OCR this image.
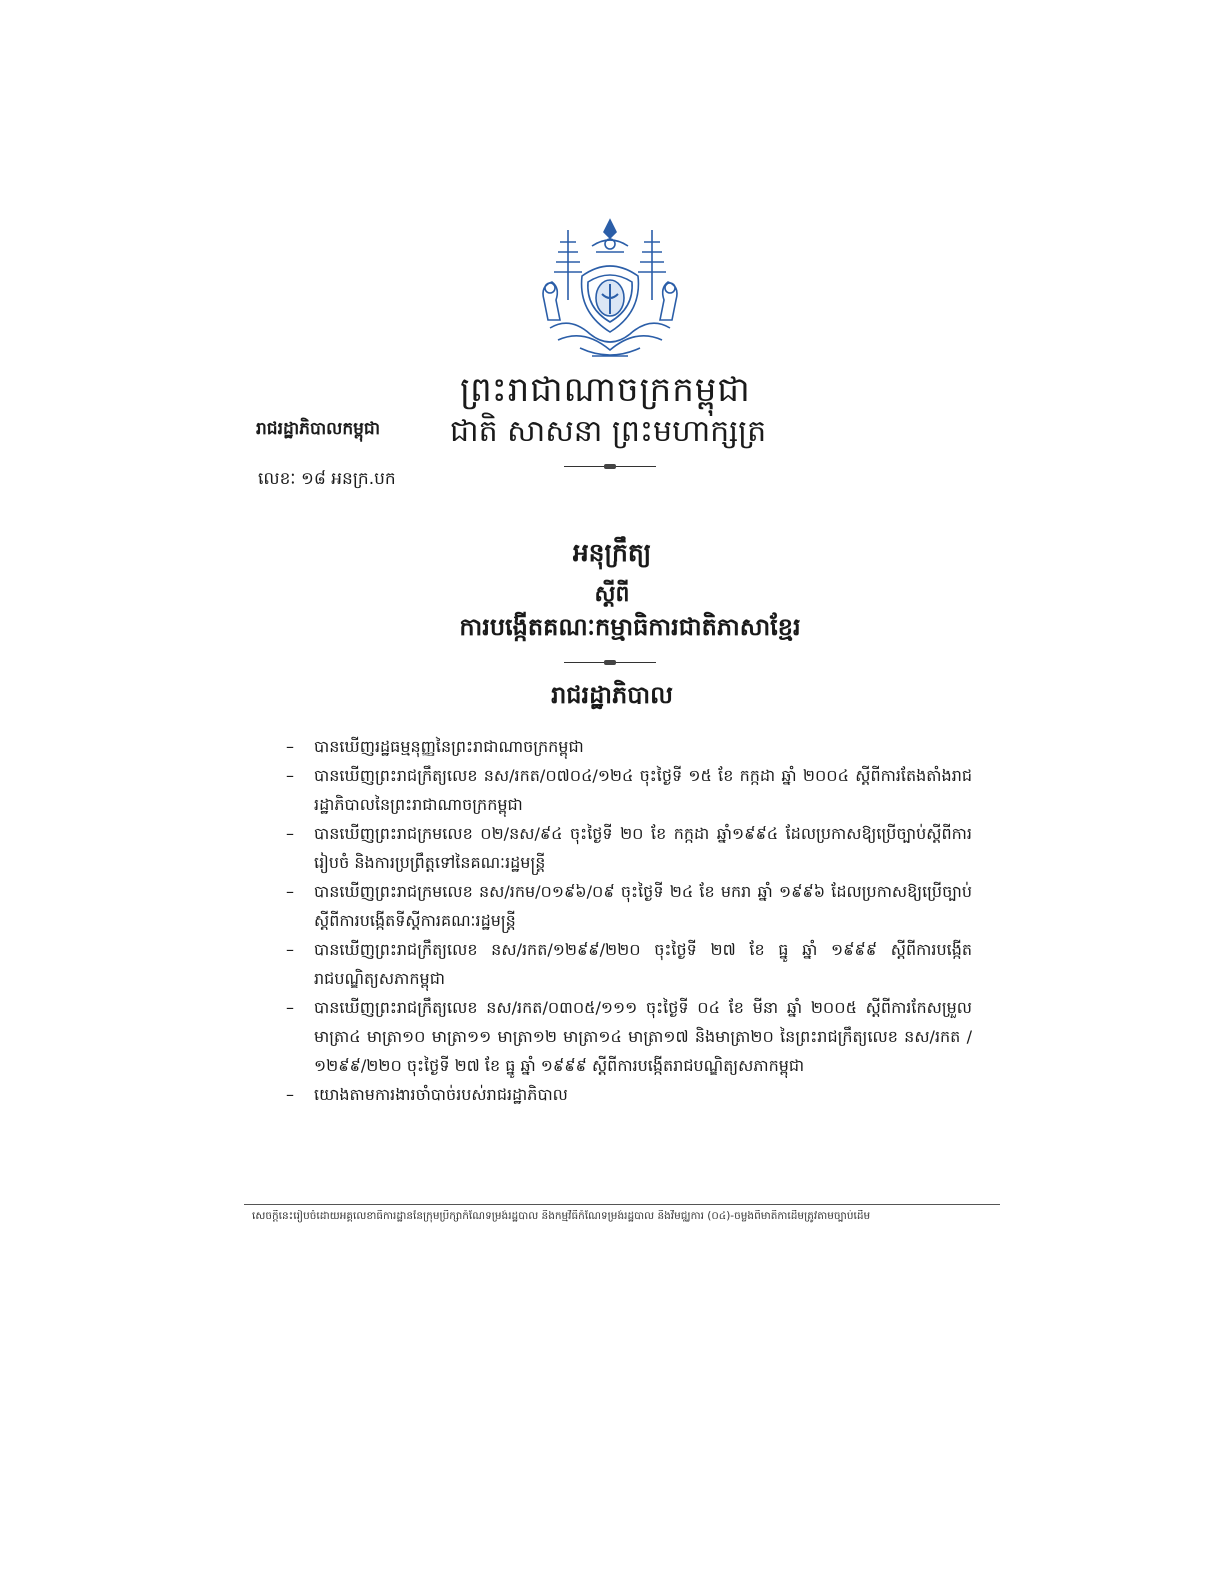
ព្រះរាជាណាចក្រកម្ពុជា
រាជរដ្ឋាភិបាលកម្ពុជា ជាតិ សាសនា ព្រះមហាក្សត្រ
លេខៈ ១៨ អនក្រ.បក
អនុក្រឹត្យ
ស្តីពី
ការបង្កើតគណៈកម្មាធិការជាតិភាសាខ្មែរ
រាជរដ្ឋាភិបាល
– បានឃើញរដ្ឋធម្មនុញ្ញនៃព្រះរាជាណាចក្រកម្ពុជា
– បានឃើញព្រះរាជក្រឹត្យលេខ នស/រកត/០៧០៤/១២៤ ចុះថ្ងៃទី ១៥ ខែ កក្កដា ឆ្នាំ ២០០៤ ស្តីពីការតែងតាំងរាជរដ្ឋាភិបាលនៃព្រះរាជាណាចក្រកម្ពុជា
– បានឃើញព្រះរាជក្រមលេខ ០២/នស/៩៤ ចុះថ្ងៃទី ២០ ខែ កក្កដា ឆ្នាំ១៩៩៤ ដែលប្រកាសឱ្យប្រើច្បាប់ស្តីពីការរៀបចំ និងការប្រព្រឹត្តទៅនៃគណៈរដ្ឋមន្ត្រី
– បានឃើញព្រះរាជក្រមលេខ នស/រកម/០១៩៦/០៩ ចុះថ្ងៃទី ២៤ ខែ មករា ឆ្នាំ ១៩៩៦ ដែលប្រកាសឱ្យប្រើច្បាប់ស្តីពីការបង្កើតទីស្តីការគណៈរដ្ឋមន្ត្រី
– បានឃើញព្រះរាជក្រឹត្យលេខ នស/រកត/១២៩៩/២២០ ចុះថ្ងៃទី ២៧ ខែ ធ្នូ ឆ្នាំ ១៩៩៩ ស្តីពីការបង្កើតរាជបណ្ឌិត្យសភាកម្ពុជា
– បានឃើញព្រះរាជក្រឹត្យលេខ នស/រកត/០៣០៥/១១១ ចុះថ្ងៃទី ០៤ ខែ មីនា ឆ្នាំ ២០០៥ ស្តីពីការកែសម្រួលមាត្រា៤ មាត្រា១០ មាត្រា១១ មាត្រា១២ មាត្រា១៤ មាត្រា១៧ និងមាត្រា២០ នៃព្រះរាជក្រឹត្យលេខ នស/រកត /១២៩៩/២២០ ចុះថ្ងៃទី ២៧ ខែ ធ្នូ ឆ្នាំ ១៩៩៩ ស្តីពីការបង្កើតរាជបណ្ឌិត្យសភាកម្ពុជា
– យោងតាមការងារចាំបាច់របស់រាជរដ្ឋាភិបាល
សេចក្តីនេះរៀបចំដោយអគ្គលេខាធិការដ្ឋាននៃក្រុមប្រឹក្សាកំណែទម្រង់រដ្ឋបាល និងកម្មវិធីកំណែទម្រង់រដ្ឋបាល និងវិមជ្ឈការ (០៤)-ចម្លងពីមាតិកាដើមត្រូវតាមច្បាប់ដើម
